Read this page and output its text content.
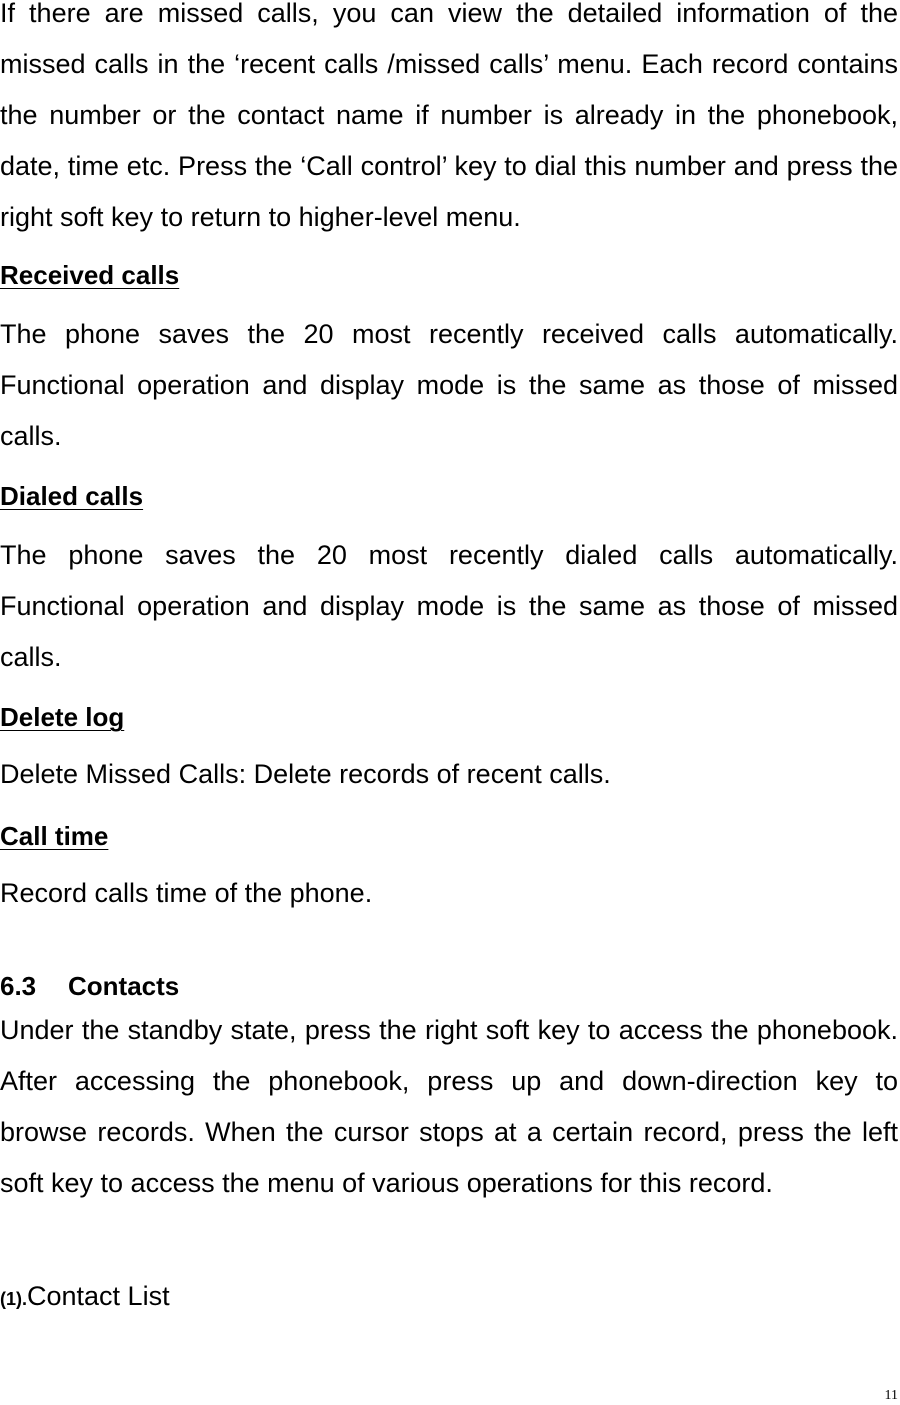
If there are missed calls, you can view the detailed information of the missed calls in the ‘recent calls /missed calls’ menu. Each record contains the number or the contact name if number is already in the phonebook, date, time etc. Press the ‘Call control’ key to dial this number and press the right soft key to return to higher-level menu.

Received calls

The phone saves the 20 most recently received calls automatically. Functional operation and display mode is the same as those of missed calls.

Dialed calls

The phone saves the 20 most recently dialed calls automatically. Functional operation and display mode is the same as those of missed calls.

Delete log

Delete Missed Calls: Delete records of recent calls.

Call time

Record calls time of the phone.

6.3 Contacts

Under the standby state, press the right soft key to access the phonebook. After accessing the phonebook, press up and down-direction key to browse records. When the cursor stops at a certain record, press the left soft key to access the menu of various operations for this record.

(1).Contact List
11
